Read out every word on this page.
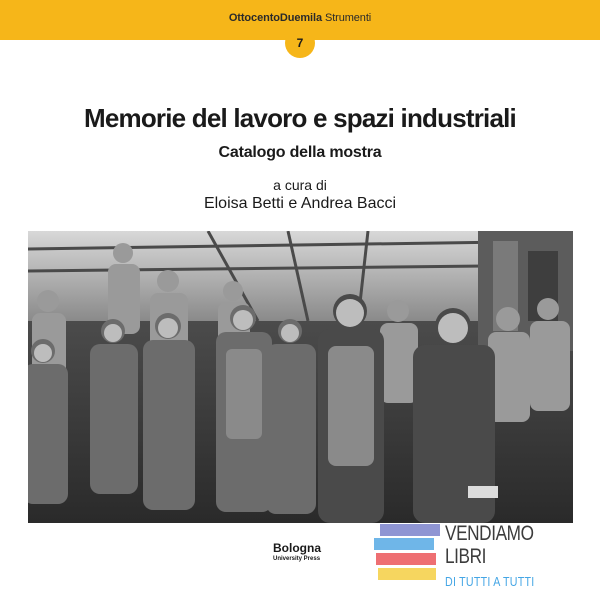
OttocentoDuemila Strumenti
7
Memorie del lavoro e spazi industriali
Catalogo della mostra
a cura di
Eloisa Betti e Andrea Bacci
Bologna
University Press
VENDIAMO
LIBRI
DI TUTTI A TUTTI
